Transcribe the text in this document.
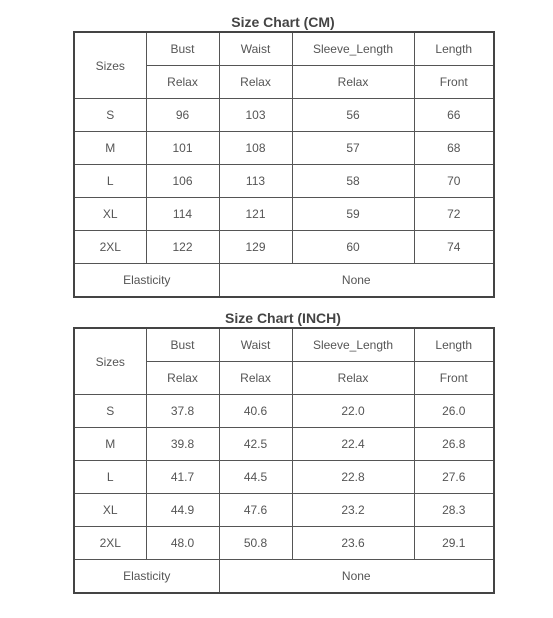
Size Chart (CM)
Sizes	Bust	Waist	Sleeve_Length	Length
	Relax	Relax	Relax	Front
S	96	103	56	66
M	101	108	57	68
L	106	113	58	70
XL	114	121	59	72
2XL	122	129	60	74
Elasticity		None		
Size Chart (INCH)
Sizes	Bust	Waist	Sleeve_Length	Length
	Relax	Relax	Relax	Front
S	37.8	40.6	22.0	26.0
M	39.8	42.5	22.4	26.8
L	41.7	44.5	22.8	27.6
XL	44.9	47.6	23.2	28.3
2XL	48.0	50.8	23.6	29.1
Elasticity		None		
